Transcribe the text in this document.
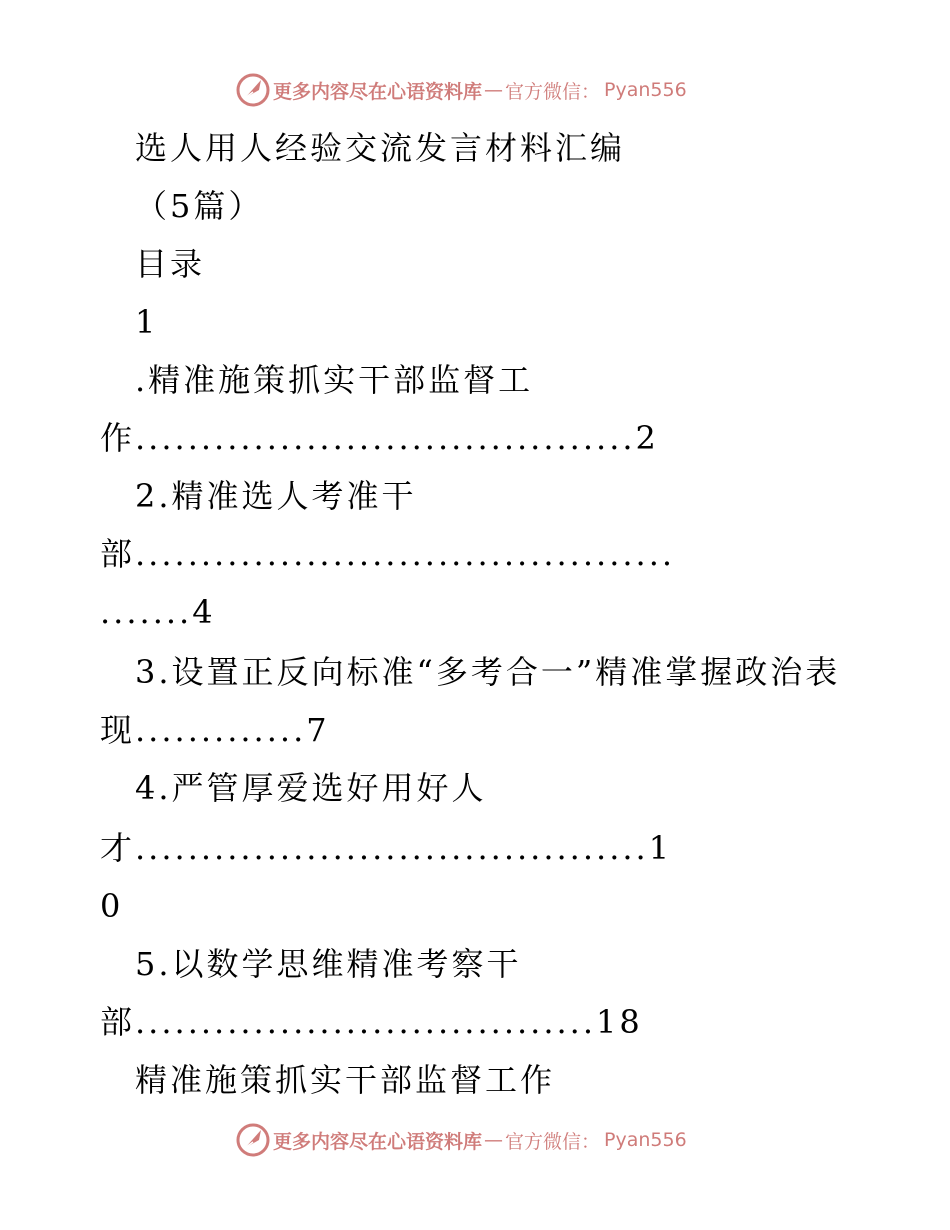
更多内容尽在心语资料库 — 官方微信： Pyan556
选人用人经验交流发言材料汇编
（5篇）
目录
1
.精准施策抓实干部监督工
作......................................2
2.精准选人考准干
部.........................................
.......4
3.设置正反向标准“多考合一”精准掌握政治表
现.............7
4.严管厚爱选好用好人
才.......................................1
0
5.以数学思维精准考察干
部...................................18
精准施策抓实干部监督工作
更多内容尽在心语资料库 — 官方微信： Pyan556
